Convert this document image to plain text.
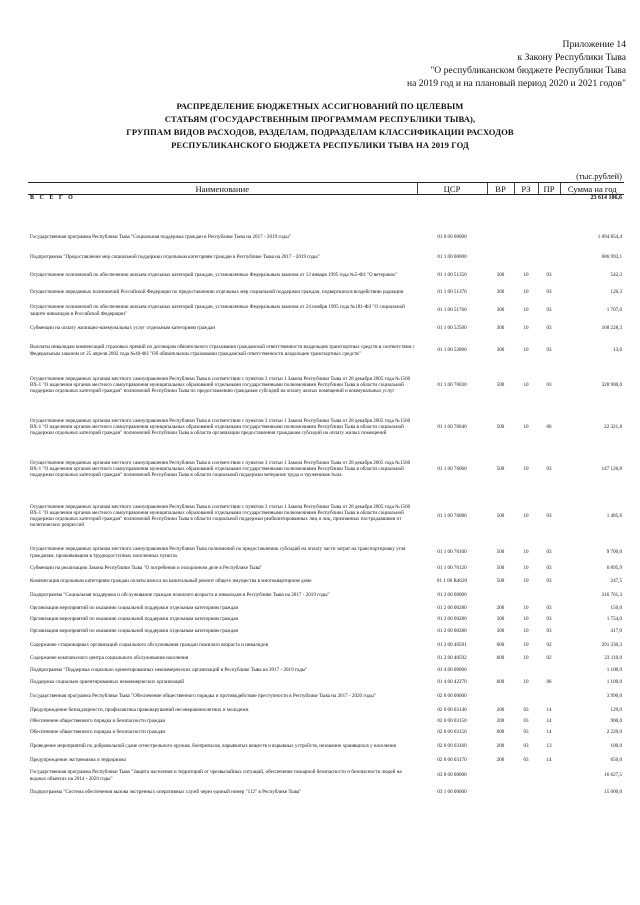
Приложение 14
к Закону Республики Тыва
"О республиканском бюджете Республики Тыва
на 2019 год и на плановый период 2020 и 2021 годов"
РАСПРЕДЕЛЕНИЕ БЮДЖЕТНЫХ АССИГНОВАНИЙ ПО ЦЕЛЕВЫМ
СТАТЬЯМ (ГОСУДАРСТВЕННЫМ ПРОГРАММАМ РЕСПУБЛИКИ ТЫВА),
ГРУППАМ ВИДОВ РАСХОДОВ, РАЗДЕЛАМ, ПОДРАЗДЕЛАМ КЛАССИФИКАЦИИ РАСХОДОВ
РЕСПУБЛИКАНСКОГО БЮДЖЕТА РЕСПУБЛИКИ ТЫВА НА 2019 ГОД
(тыс.рублей)
Наименование	ЦСР	ВР	РЗ	ПР	Сумма на год
В С Е Г О					23 614 106,6

Государственная программа Республики Тыва "Социальная поддержка граждан в Республике Тыва на 2017 - 2019 годы"	01 0 00 00000				1 094 854,4
Подпрограмма "Предоставление мер социальной поддержки отдельным категориям граждан в Республике Тыва на 2017 - 2019 годы"	01 1 00 00000				686 993,1
Осуществление полномочий по обеспечению жильем отдельных категорий граждан, установленных Федеральным законом от 12 января 1995 года №5-ФЗ "О ветеранах"	01 1 00 51350	300	10	03	542,3
Осуществление переданных полномочий Российской Федерации по предоставлению отдельных мер социальной поддержки граждан, подвергшихся воздействию радиации	01 1 00 51370	300	10	03	126,3
Осуществление полномочий по обеспечению жильем отдельных категорий граждан, установленных Федеральным законом от 24 ноября 1995 года №181-ФЗ "О социальной защите инвалидов в Российской Федерации"	01 1 00 51760	300	10	03	1 707,0
Субвенции на оплату жилищно-коммунальных услуг отдельным категориям граждан	01 1 00 52500	300	10	03	168 228,3
Выплаты инвалидам компенсаций страховых премий по договорам обязательного страхования гражданской ответственности владельцев транспортных средств в соответствии с Федеральным законом от 25 апреля 2002 года №40-ФЗ "Об обязательном страховании гражданской ответственности владельцев транспортных средств"	01 1 00 52800	300	10	03	13,6
Осуществление переданных органам местного самоуправления Республики Тыва в соответствии с пунктом 3 статьи 1 Закона Республики Тыва от 28 декабря 2005 года №1560 ВХ-1 "О наделении органов местного самоуправления муниципальных образований отдельными государственными полномочиями Республики Тыва в области социальной поддержки отдельных категорий граждан" полномочий Республики Тыва по предоставлению гражданам субсидий на оплату жилых помещений и коммунальных услуг	01 1 00 76030	500	10	03	328 900,0
Осуществление переданных органам местного самоуправления Республики Тыва в соответствии с пунктом 3 статьи 1 Закона Республики Тыва от 28 декабря 2005 года №1560 ВХ-1 "О наделении органов местного самоуправления муниципальных образований отдельными государственными полномочиями Республики Тыва в области социальной поддержки отдельных категорий граждан" полномочий Республики Тыва в области организации предоставления гражданам субсидий на оплату жилых помещений	01 1 00 76040	500	10	06	22 321,8
Осуществление переданных органам местного самоуправления Республики Тыва в соответствии с пунктом 3 статьи 1 Закона Республики Тыва от 28 декабря 2005 года №1560 ВХ-1 "О наделении органов местного самоуправления муниципальных образований отдельными государственными полномочиями Республики Тыва в области социальной поддержки отдельных категорий граждан" полномочий Республики Тыва в области социальной поддержки ветеранов труда и тружеников тыла	01 1 00 76060	500	10	03	147 126,8
Осуществление переданных органам местного самоуправления Республики Тыва в соответствии с пунктом 3 статьи 1 Закона Республики Тыва от 28 декабря 2005 года №1560 ВХ-1 "О наделении органов местного самоуправления муниципальных образований отдельными государственными полномочиями Республики Тыва в области социальной поддержки отдельных категорий граждан" полномочий Республики Тыва в области социальной поддержки реабилитированных лиц и лиц, признанных пострадавшими от политических репрессий	01 1 00 76080	500	10	03	1 485,6
Осуществление переданных органам местного самоуправления Республики Тыва полномочий по предоставлению субсидий на оплату части затрат на транспортировку угля гражданам, проживающим в труднодоступных населенных пунктах	01 1 00 76100	500	10	03	9 700,0
Субвенции на реализацию Закона Республики Тыва "О погребении и похоронном деле в Республике Тыва"	01 1 00 76120	500	10	03	6 895,9
Компенсация отдельным категориям граждан оплаты взноса на капитальный ремонт общего имущества в многоквартирном доме	01 1 00 R4620	500	10	03	247,5
Подпрограмма "Социальная поддержка и обслуживание граждан пожилого возраста и инвалидов в Республике Тыва на 2017 - 2019 годы"	01 2 00 00000				316 761,3
Организация мероприятий по оказанию социальной поддержки отдельным категориям граждан	01 2 00 00280	200	10	03	150,0
Организация мероприятий по оказанию социальной поддержки отдельным категориям граждан	01 2 00 00280	300	10	03	1 754,0
Организация мероприятий по оказанию социальной поддержки отдельным категориям граждан	01 2 00 00280	300	10	03	417,0
Содержание стационарных организаций социального обслуживания граждан пожилого возраста и инвалидов	01 2 00 40591	600	10	02	291 330,3
Содержание комплексного центра социального обслуживания населения	01 2 00 40592	600	10	02	23 110,0
Подпрограмма "Поддержка социально ориентированных некоммерческих организаций в Республике Тыва на 2017 - 2019 годы"	01 4 00 00000				1 100,0
Поддержка социально ориентированных некоммерческих организаций	01 4 00 42270	600	10	06	1 100,0
Государственная программа Республики Тыва "Обеспечение общественного порядка и противодействие преступности в Республике Тыва на 2017 - 2020 годы"	02 0 00 00000				3 990,0
Предупреждение безнадзорности, профилактика правонарушений несовершеннолетних и молодежи	02 0 00 03140	200	03	14	129,0
Обеспечение общественного порядка и безопасности граждан	02 0 00 03150	200	03	14	900,0
Обеспечение общественного порядка и безопасности граждан	02 0 00 03150	600	03	14	2 220,0
Проведение мероприятий по добровольной сдаче огнестрельного оружия, боеприпасов, взрывчатых веществ и взрывных устройств, незаконно хранящихся у населения	02 0 00 03160	200	03	13	100,0
Предупреждение экстремизма и терроризма	02 0 00 03170	200	03	14	650,0
Государственная программа Республики Тыва "Защита населения и территорий от чрезвычайных ситуаций, обеспечение пожарной безопасности и безопасности людей на водных объектах на 2014 - 2020 годы"	03 0 00 00000				16 627,5
Подпрограмма "Система обеспечения вызова экстренных оперативных служб через единый номер "112" в Республике Тыва"	03 1 00 00000				15 000,0
